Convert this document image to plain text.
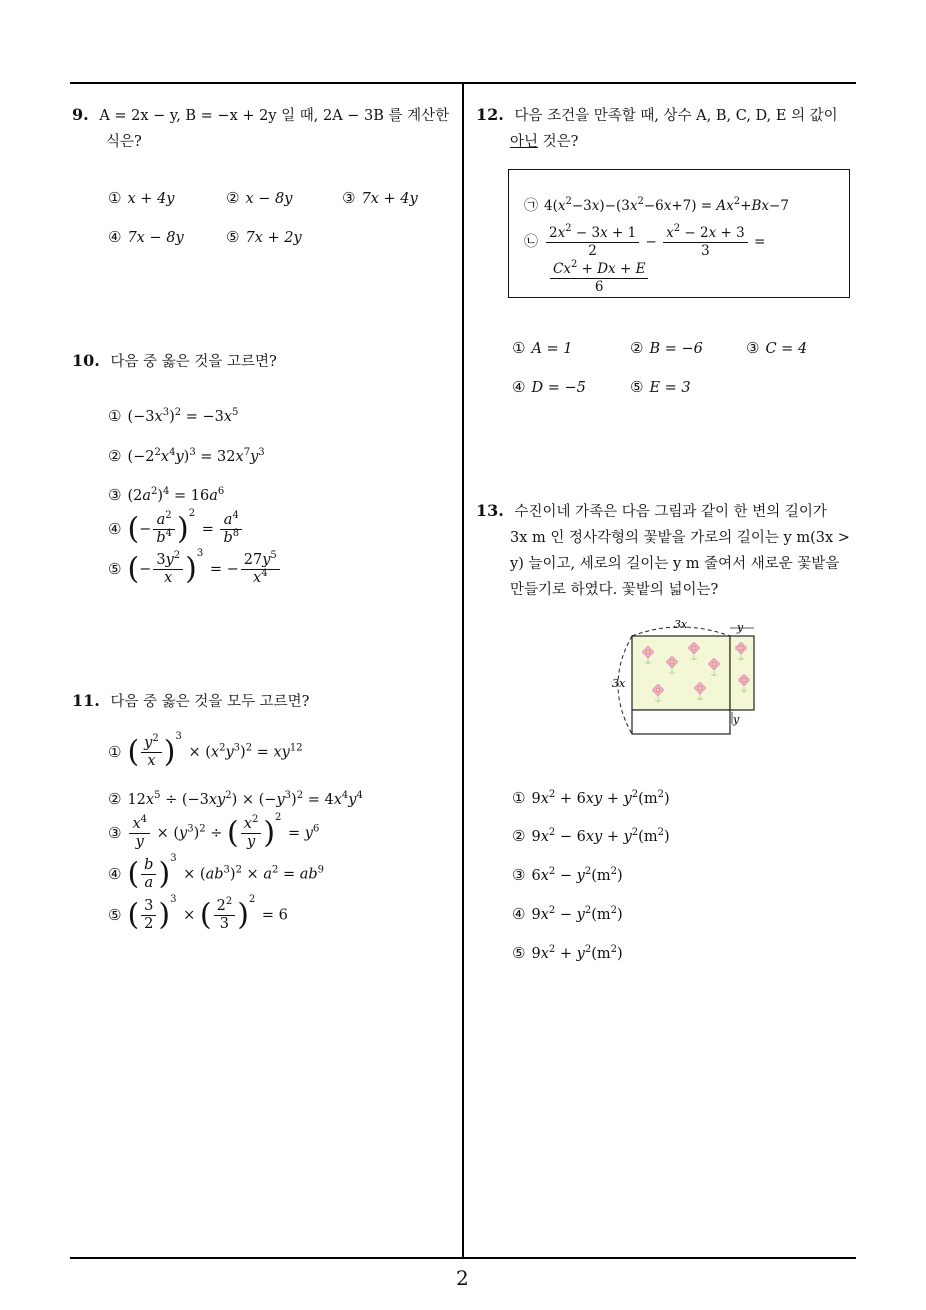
2
9. A = 2x − y, B = −x + 2y 일 때, 2A − 3B 를 계산한
식은?
① x + 4y	② x − 8y	③ 7x + 4y
④ 7x − 8y	⑤ 7x + 2y
10. 다음 중 옳은 것을 고르면?
① $(-3x^3)^2 = -3x^5$
② $(-2^2x^4y)^3 = 32x^7y^3$
③ $(2a^2)^4 = 16a^6$
④ (− $\frac{a^2}{b^4} )^2 = \frac{a^4}{b^8}$
⑤ (− $\frac{3y^2}{x} )^3$ = − $\frac{27y^5}{x^4}$
11. 다음 중 옳은 것을 모두 고르면?
① ( $\frac{y^2}{x} )^3 \times (x^2y^3)^2 = xy^{12}$
② $12x^5 \div (-3xy^2) \times (-y^3)^2 = 4x^4y^4$
③ $\frac{x^4}{y} \times (y^3)^2$ ÷ ( $\frac{x^2}{y} )^2 = y^6$
④ ( $\frac{b}{a} )^3 \times (ab^3)^2 \times a^2 = ab^9$
⑤ ( $\frac{3}{2} )^3$ × ( $\frac{2^2}{3} )^2 = 6$
12. 다음 조건을 만족할 때, 상수 A, B, C, D, E 의 값이
아닌 것은?
㉠ $4(x^2-3x)-(3x^2-6x+7) = Ax^2+Bx-7$
㉡ $\frac{2x^2 - 3x + 1}{2} - \frac{x^2 - 2x + 3}{3}$ =
$\frac{Cx^2 + Dx + E}{6}$
① A = 1	② B = −6	③ C = 4
④ D = −5	⑤ E = 3
13. 수진이네 가족은 다음 그림과 같이 한 변의 길이가
3x m 인 정사각형의 꽃밭을 가로의 길이는 y m(3x >
y) 늘이고, 세로의 길이는 y m 줄여서 새로운 꽃밭을
만들기로 하였다. 꽃밭의 넓이는?
3x	y
3x
y
① $9x^2 + 6xy + y^2(m^2)$
② $9x^2 - 6xy + y^2(m^2)$
③ $6x^2 - y^2(m^2)$
④ $9x^2 - y^2(m^2)$
⑤ $9x^2 + y^2(m^2)$
